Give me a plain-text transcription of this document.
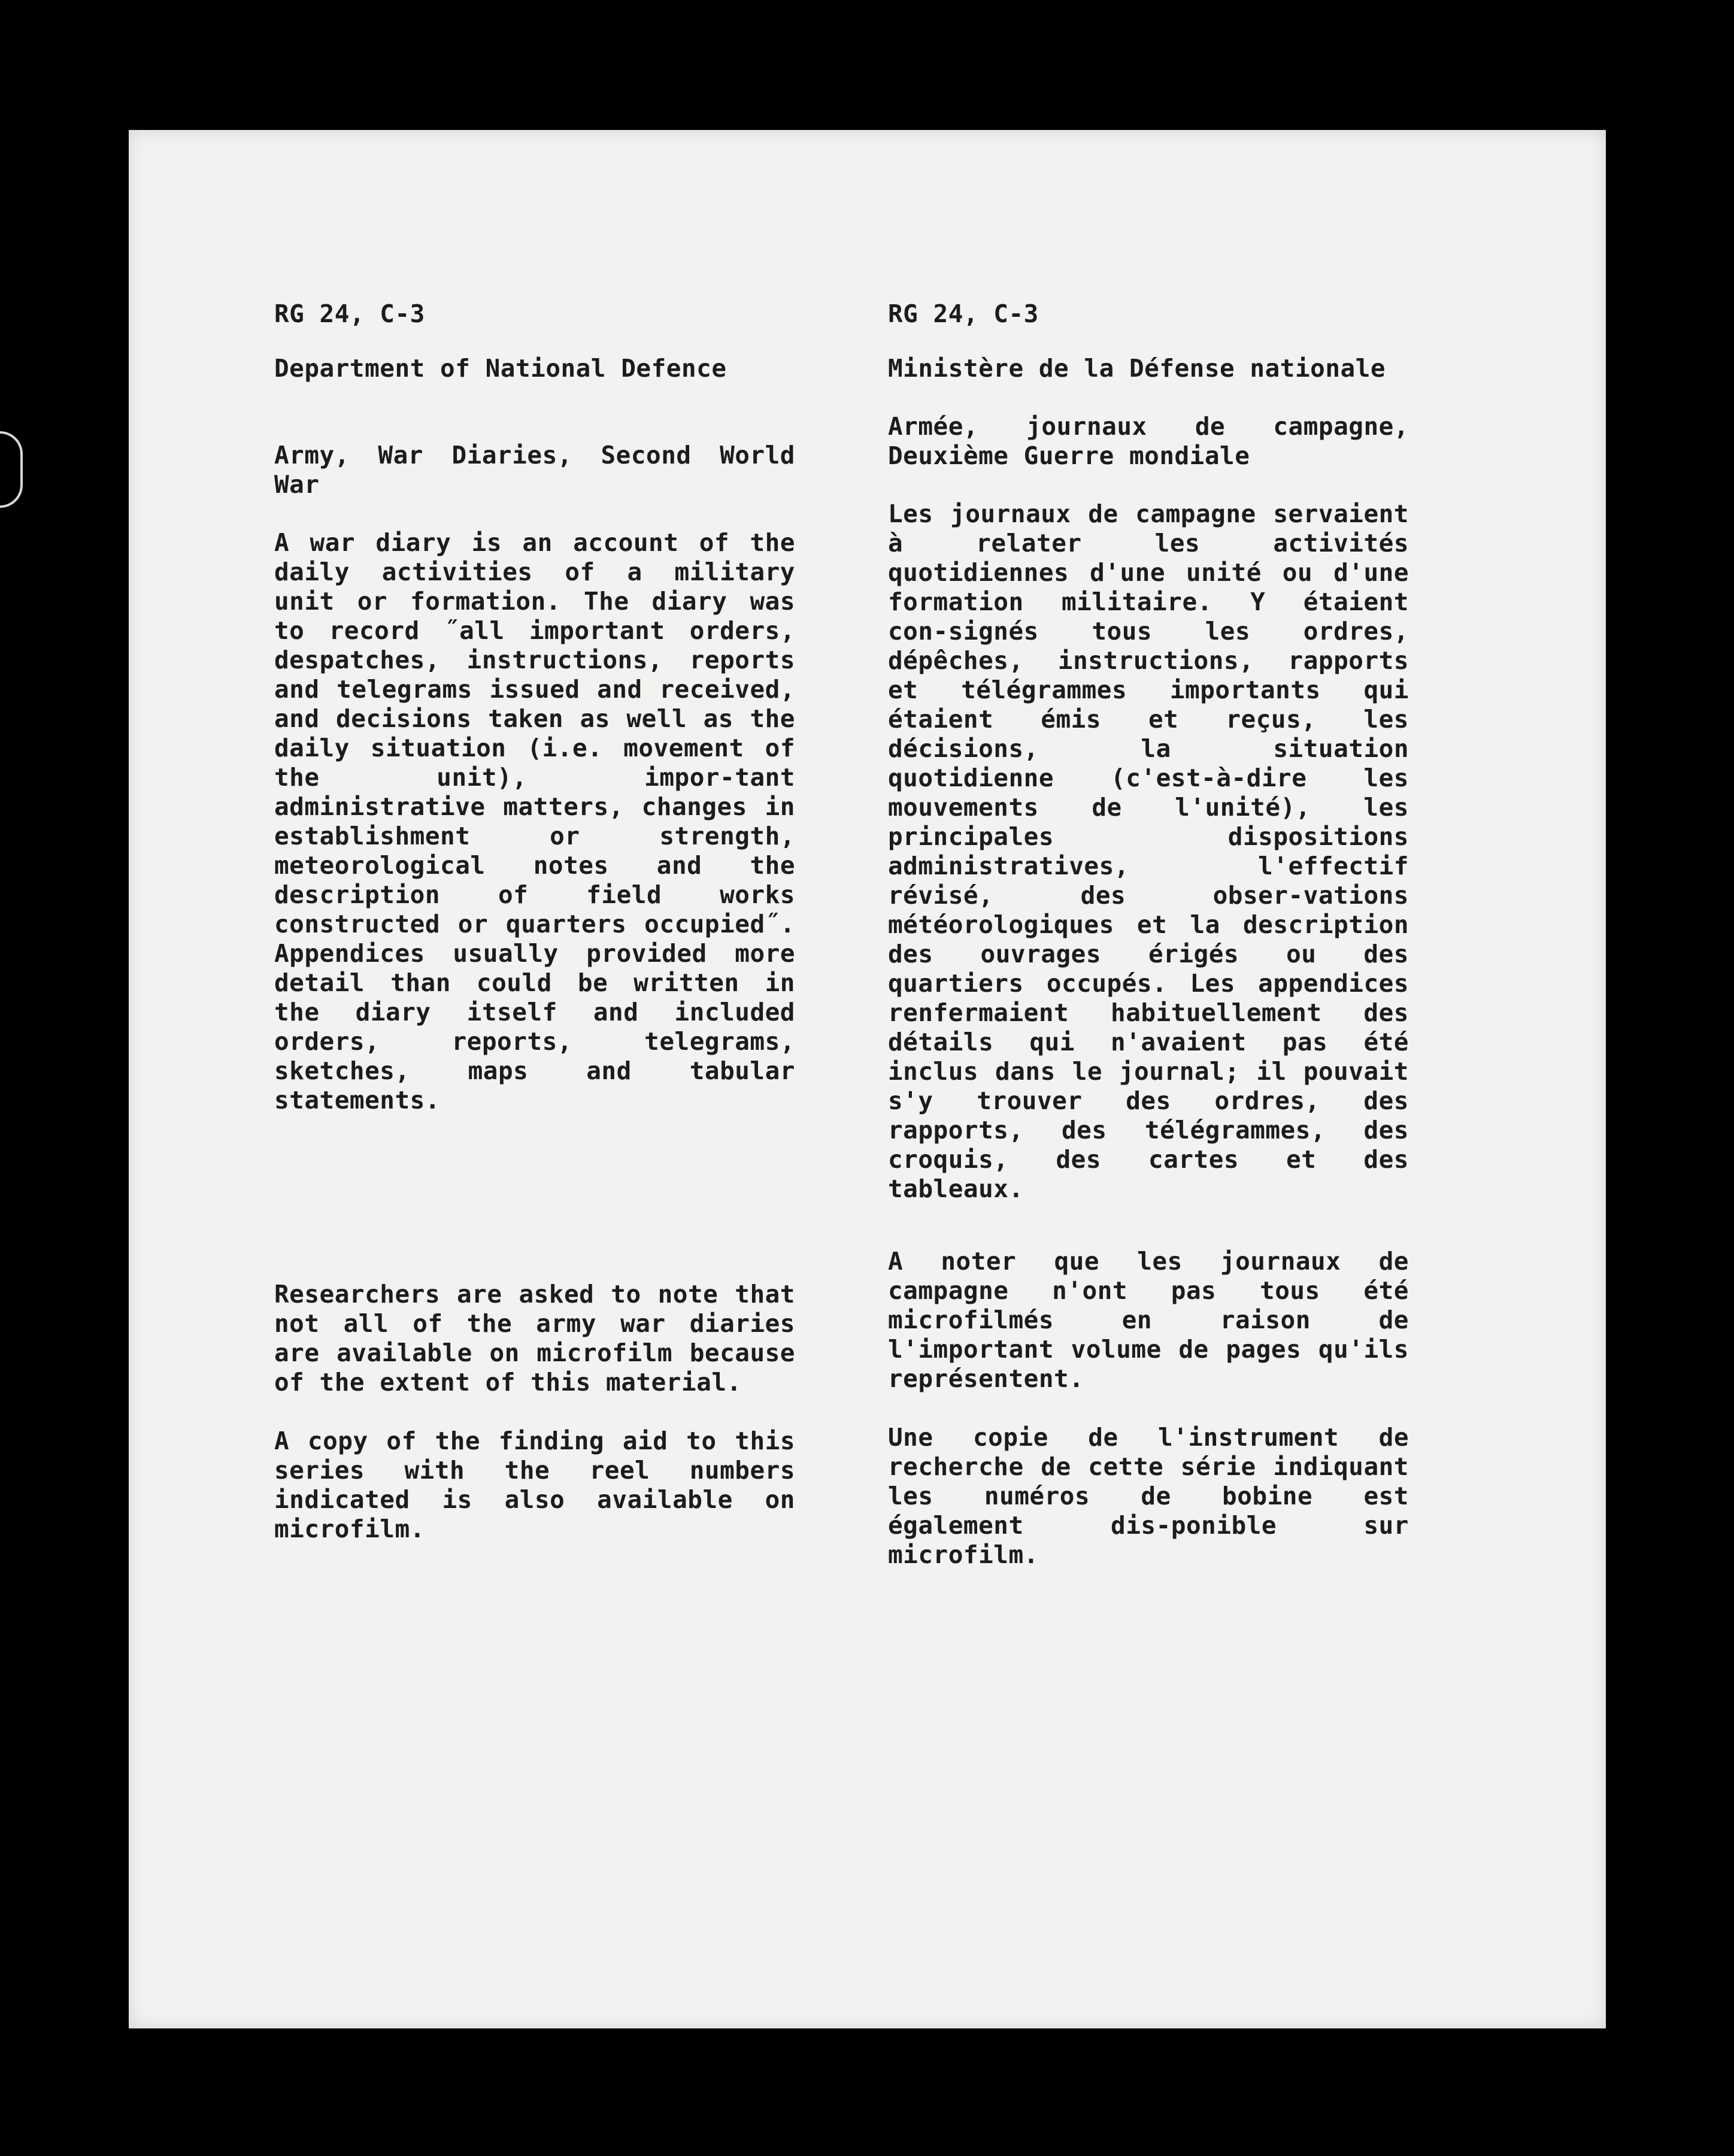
RG 24, C-3

Department of National Defence

Army, War Diaries, Second World War

A war diary is an account of the daily activities of a military unit or formation. The diary was to record ˝all important orders, despatches, instructions, reports and telegrams issued and received, and decisions taken as well as the daily situation (i.e. movement of the unit), impor-tant administrative matters, changes in establishment or strength, meteorological notes and the description of field works constructed or quarters occupied˝. Appendices usually provided more detail than could be written in the diary itself and included orders, reports, telegrams, sketches, maps and tabular statements.

Researchers are asked to note that not all of the army war diaries are available on microfilm because of the extent of this material.

A copy of the finding aid to this series with the reel numbers indicated is also available on microfilm.

RG 24, C-3

Ministère de la Défense nationale

Armée, journaux de campagne, Deuxième Guerre mondiale

Les journaux de campagne servaient à relater les activités quotidiennes d'une unité ou d'une formation militaire. Y étaient con-signés tous les ordres, dépêches, instructions, rapports et télégrammes importants qui étaient émis et reçus, les décisions, la situation quotidienne (c'est-à-dire les mouvements de l'unité), les principales dispositions administratives, l'effectif révisé, des obser-vations météorologiques et la description des ouvrages érigés ou des quartiers occupés. Les appendices renfermaient habituellement des détails qui n'avaient pas été inclus dans le journal; il pouvait s'y trouver des ordres, des rapports, des télégrammes, des croquis, des cartes et des tableaux.

A noter que les journaux de campagne n'ont pas tous été microfilmés en raison de l'important volume de pages qu'ils représentent.

Une copie de l'instrument de recherche de cette série indiquant les numéros de bobine est également dis-ponible sur microfilm.
